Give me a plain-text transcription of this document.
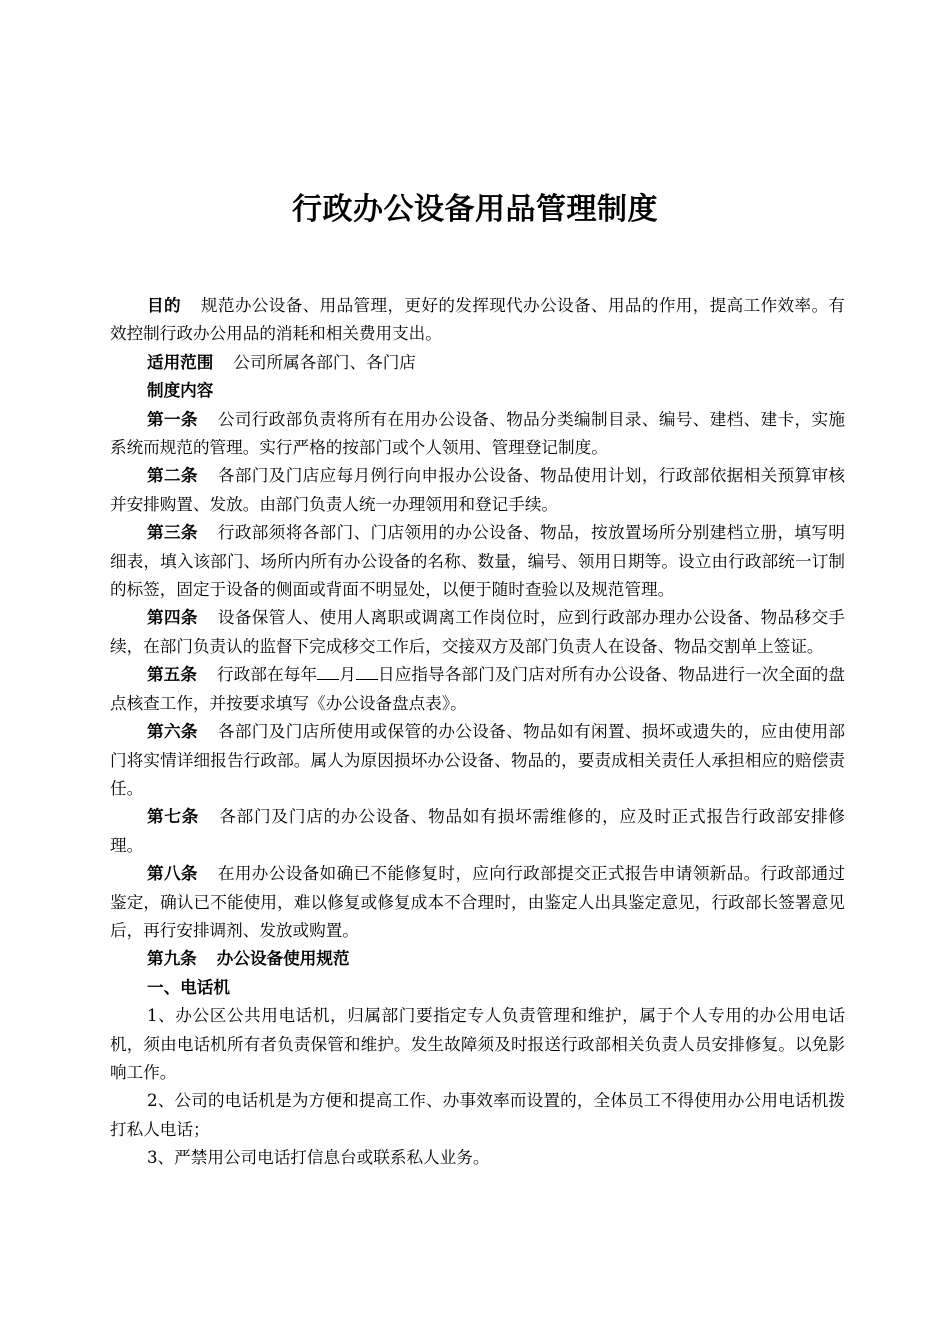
行政办公设备用品管理制度

目的 规范办公设备、用品管理，更好的发挥现代办公设备、用品的作用，提高工作效率。有效控制行政办公用品的消耗和相关费用支出。

适用范围 公司所属各部门、各门店

制度内容

第一条 公司行政部负责将所有在用办公设备、物品分类编制目录、编号、建档、建卡，实施系统而规范的管理。实行严格的按部门或个人领用、管理登记制度。

第二条 各部门及门店应每月例行向申报办公设备、物品使用计划，行政部依据相关预算审核并安排购置、发放。由部门负责人统一办理领用和登记手续。

第三条 行政部须将各部门、门店领用的办公设备、物品，按放置场所分别建档立册，填写明细表，填入该部门、场所内所有办公设备的名称、数量，编号、领用日期等。设立由行政部统一订制的标签，固定于设备的侧面或背面不明显处，以便于随时查验以及规范管理。

第四条 设备保管人、使用人离职或调离工作岗位时，应到行政部办理办公设备、物品移交手续，在部门负责认的监督下完成移交工作后，交接双方及部门负责人在设备、物品交割单上签证。

第五条 行政部在每年 月 日应指导各部门及门店对所有办公设备、物品进行一次全面的盘点核查工作，并按要求填写《办公设备盘点表》。

第六条 各部门及门店所使用或保管的办公设备、物品如有闲置、损坏或遗失的，应由使用部门将实情详细报告行政部。属人为原因损坏办公设备、物品的，要责成相关责任人承担相应的赔偿责任。

第七条 各部门及门店的办公设备、物品如有损坏需维修的，应及时正式报告行政部安排修理。

第八条 在用办公设备如确已不能修复时，应向行政部提交正式报告申请领新品。行政部通过鉴定，确认已不能使用，难以修复或修复成本不合理时，由鉴定人出具鉴定意见，行政部长签署意见后，再行安排调剂、发放或购置。

第九条 办公设备使用规范

一、电话机

1、办公区公共用电话机，归属部门要指定专人负责管理和维护，属于个人专用的办公用电话机，须由电话机所有者负责保管和维护。发生故障须及时报送行政部相关负责人员安排修复。以免影响工作。

2、公司的电话机是为方便和提高工作、办事效率而设置的，全体员工不得使用办公用电话机拨打私人电话；

3、严禁用公司电话打信息台或联系私人业务。
